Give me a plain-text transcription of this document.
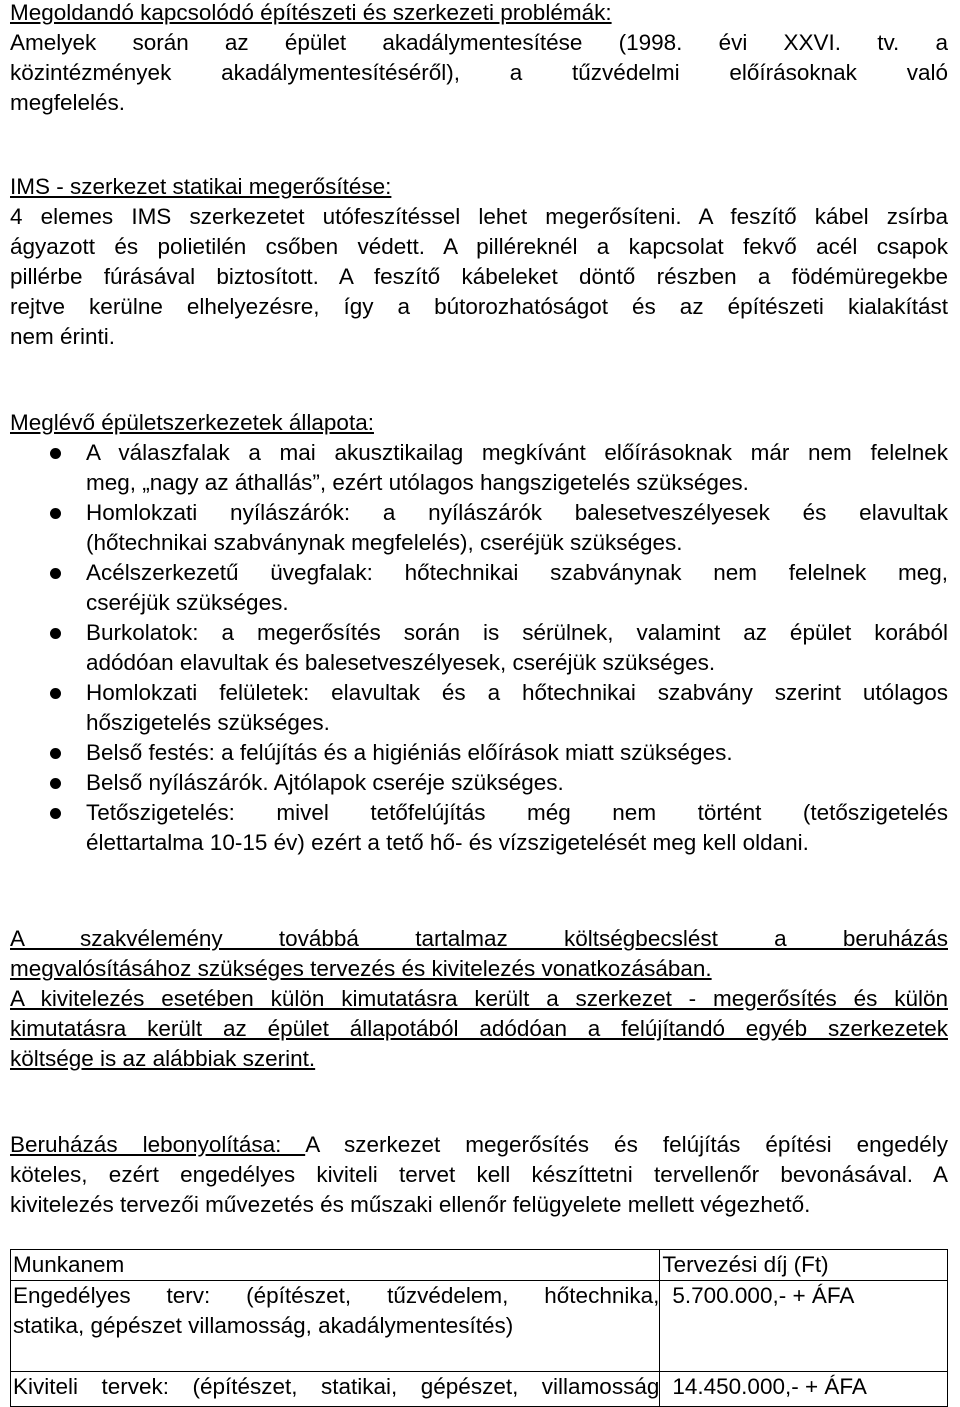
Megoldandó kapcsolódó építészeti és szerkezeti problémák:
Amelyek során az épület akadálymentesítése (1998. évi XXVI. tv. a
közintézmények akadálymentesítéséről), a tűzvédelmi előírásoknak való
megfelelés.
IMS - szerkezet statikai megerősítése:
4 elemes IMS szerkezetet utófeszítéssel lehet megerősíteni. A feszítő kábel zsírba
ágyazott és polietilén csőben védett. A pilléreknél a kapcsolat fekvő acél csapok
pillérbe fúrásával biztosított. A feszítő kábeleket döntő részben a födémüregekbe
rejtve kerülne elhelyezésre, így a bútorozhatóságot és az építészeti kialakítást
nem érinti.
Meglévő épületszerkezetek állapota:
A válaszfalak a mai akusztikailag megkívánt előírásoknak már nem felelnek
meg, „nagy az áthallás”, ezért utólagos hangszigetelés szükséges.
Homlokzati nyílászárók: a nyílászárók balesetveszélyesek és elavultak
(hőtechnikai szabványnak megfelelés), cseréjük szükséges.
Acélszerkezetű üvegfalak: hőtechnikai szabványnak nem felelnek meg,
cseréjük szükséges.
Burkolatok: a megerősítés során is sérülnek, valamint az épület korából
adódóan elavultak és balesetveszélyesek, cseréjük szükséges.
Homlokzati felületek: elavultak és a hőtechnikai szabvány szerint utólagos
hőszigetelés szükséges.
Belső festés: a felújítás és a higiéniás előírások miatt szükséges.
Belső nyílászárók. Ajtólapok cseréje szükséges.
Tetőszigetelés: mivel tetőfelújítás még nem történt (tetőszigetelés
élettartalma 10-15 év) ezért a tető hő- és vízszigetelését meg kell oldani.
A szakvélemény továbbá tartalmaz költségbecslést a beruházás
megvalósításához szükséges tervezés és kivitelezés vonatkozásában.
A kivitelezés esetében külön kimutatásra került a szerkezet - megerősítés és külön
kimutatásra került az épület állapotából adódóan a felújítandó egyéb szerkezetek
költsége is az alábbiak szerint.
Beruházás lebonyolítása: A szerkezet megerősítés és felújítás építési engedély
köteles, ezért engedélyes kiviteli tervet kell készíttetni tervellenőr bevonásával. A
kivitelezés tervezői művezetés és műszaki ellenőr felügyelete mellett végezhető.
Munkanem	Tervezési díj (Ft)

Engedélyes terv: (építészet, tűzvédelem, hőtechnika,
statika, gépészet villamosság, akadálymentesítés)	5.700.000,- + ÁFA

Kiviteli tervek: (építészet, statikai, gépészet, villamosság	14.450.000,- + ÁFA
